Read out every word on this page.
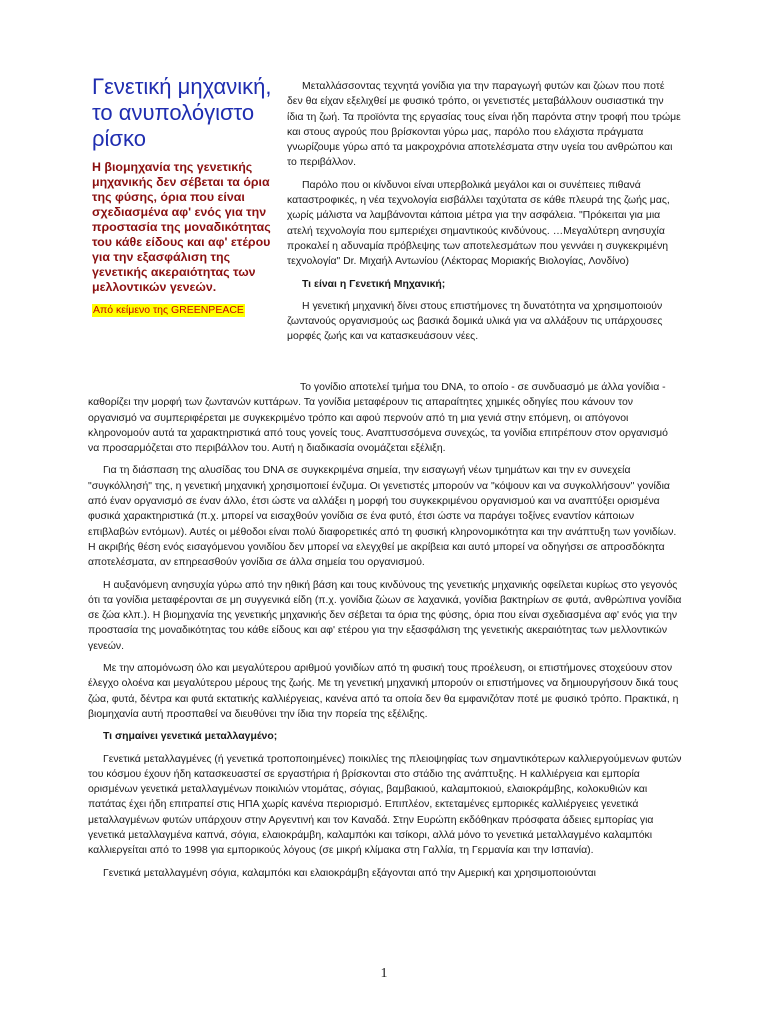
Γενετική μηχανική, το ανυπολόγιστο ρίσκο
Η βιομηχανία της γενετικής μηχανικής δεν σέβεται τα όρια της φύσης, όρια που είναι σχεδιασμένα αφ' ενός για την προστασία της μοναδικότητας του κάθε είδους και αφ' ετέρου για την εξασφάλιση της γενετικής ακεραιότητας των μελλοντικών γενεών.
Από κείμενο της GREENPEACE

Μεταλλάσσοντας τεχνητά γονίδια για την παραγωγή φυτών και ζώων που ποτέ δεν θα είχαν εξελιχθεί με φυσικό τρόπο, οι γενετιστές μεταβάλλουν ουσιαστικά την ίδια τη ζωή. Τα προϊόντα της εργασίας τους είναι ήδη παρόντα στην τροφή που τρώμε και στους αγρούς που βρίσκονται γύρω μας, παρόλο που ελάχιστα πράγματα γνωρίζουμε γύρω από τα μακροχρόνια αποτελέσματα στην υγεία του ανθρώπου και το περιβάλλον.

Παρόλο που οι κίνδυνοι είναι υπερβολικά μεγάλοι και οι συνέπειες πιθανά καταστροφικές, η νέα τεχνολογία εισβάλλει ταχύτατα σε κάθε πλευρά της ζωής μας, χωρίς μάλιστα να λαμβάνονται κάποια μέτρα για την ασφάλεια. "Πρόκειται για μια ατελή τεχνολογία που εμπεριέχει σημαντικούς κινδύνους. …Μεγαλύτερη ανησυχία προκαλεί η αδυναμία πρόβλεψης των αποτελεσμάτων που γεννάει η συγκεκριμένη τεχνολογία" Dr. Μιχαήλ Αντωνίου (Λέκτορας Μοριακής Βιολογίας, Λονδίνο)

Τι είναι η Γενετική Μηχανική;

Η γενετική μηχανική δίνει στους επιστήμονες τη δυνατότητα να χρησιμοποιούν ζωντανούς οργανισμούς ως βασικά δομικά υλικά για να αλλάξουν τις υπάρχουσες μορφές ζωής και να κατασκευάσουν νέες.

Το γονίδιο αποτελεί τμήμα του DNA, το οποίο - σε συνδυασμό με άλλα γονίδια - καθορίζει την μορφή των ζωντανών κυττάρων. Τα γονίδια μεταφέρουν τις απαραίτητες χημικές οδηγίες που κάνουν τον οργανισμό να συμπεριφέρεται με συγκεκριμένο τρόπο και αφού περνούν από τη μια γενιά στην επόμενη, οι απόγονοι κληρονομούν αυτά τα χαρακτηριστικά από τους γονείς τους. Αναπτυσσόμενα συνεχώς, τα γονίδια επιτρέπουν στον οργανισμό να προσαρμόζεται στο περιβάλλον του. Αυτή η διαδικασία ονομάζεται εξέλιξη.

Για τη διάσπαση της αλυσίδας του DNA σε συγκεκριμένα σημεία, την εισαγωγή νέων τμημάτων και την εν συνεχεία "συγκόλλησή" της, η γενετική μηχανική χρησιμοποιεί ένζυμα. Οι γενετιστές μπορούν να "κόψουν και να συγκολλήσουν" γονίδια από έναν οργανισμό σε έναν άλλο, έτσι ώστε να αλλάξει η μορφή του συγκεκριμένου οργανισμού και να αναπτύξει ορισμένα φυσικά χαρακτηριστικά (π.χ. μπορεί να εισαχθούν γονίδια σε ένα φυτό, έτσι ώστε να παράγει τοξίνες εναντίον κάποιων επιβλαβών εντόμων). Αυτές οι μέθοδοι είναι πολύ διαφορετικές από τη φυσική κληρονομικότητα και την ανάπτυξη των γονιδίων. Η ακριβής θέση ενός εισαγόμενου γονιδίου δεν μπορεί να ελεγχθεί με ακρίβεια και αυτό μπορεί να οδηγήσει σε απροσδόκητα αποτελέσματα, αν επηρεασθούν γονίδια σε άλλα σημεία του οργανισμού.

Η αυξανόμενη ανησυχία γύρω από την ηθική βάση και τους κινδύνους της γενετικής μηχανικής οφείλεται κυρίως στο γεγονός ότι τα γονίδια μεταφέρονται σε μη συγγενικά είδη (π.χ. γονίδια ζώων σε λαχανικά, γονίδια βακτηρίων σε φυτά, ανθρώπινα γονίδια σε ζώα κλπ.). Η βιομηχανία της γενετικής μηχανικής δεν σέβεται τα όρια της φύσης, όρια που είναι σχεδιασμένα αφ' ενός για την προστασία της μοναδικότητας του κάθε είδους και αφ' ετέρου για την εξασφάλιση της γενετικής ακεραιότητας των μελλοντικών γενεών.

Με την απομόνωση όλο και μεγαλύτερου αριθμού γονιδίων από τη φυσική τους προέλευση, οι επιστήμονες στοχεύουν στον έλεγχο ολοένα και μεγαλύτερου μέρους της ζωής. Με τη γενετική μηχανική μπορούν οι επιστήμονες να δημιουργήσουν δικά τους ζώα, φυτά, δέντρα και φυτά εκτατικής καλλιέργειας, κανένα από τα οποία δεν θα εμφανιζόταν ποτέ με φυσικό τρόπο. Πρακτικά, η βιομηχανία αυτή προσπαθεί να διευθύνει την ίδια την πορεία της εξέλιξης.

Τι σημαίνει γενετικά μεταλλαγμένο;

Γενετικά μεταλλαγμένες (ή γενετικά τροποποιημένες) ποικιλίες της πλειοψηφίας των σημαντικότερων καλλιεργούμενων φυτών του κόσμου έχουν ήδη κατασκευαστεί σε εργαστήρια ή βρίσκονται στο στάδιο της ανάπτυξης. Η καλλιέργεια και εμπορία ορισμένων γενετικά μεταλλαγμένων ποικιλιών ντομάτας, σόγιας, βαμβακιού, καλαμποκιού, ελαιοκράμβης, κολοκυθιών και πατάτας έχει ήδη επιτραπεί στις ΗΠΑ χωρίς κανένα περιορισμό. Επιπλέον, εκτεταμένες εμπορικές καλλιέργειες γενετικά μεταλλαγμένων φυτών υπάρχουν στην Αργεντινή και τον Καναδά. Στην Ευρώπη εκδόθηκαν πρόσφατα άδειες εμπορίας για γενετικά μεταλλαγμένα καπνά, σόγια, ελαιοκράμβη, καλαμπόκι και τσίκορι, αλλά μόνο το γενετικά μεταλλαγμένο καλαμπόκι καλλιεργείται από το 1998 για εμπορικούς λόγους (σε μικρή κλίμακα στη Γαλλία, τη Γερμανία και την Ισπανία).

Γενετικά μεταλλαγμένη σόγια, καλαμπόκι και ελαιοκράμβη εξάγονται από την Αμερική και χρησιμοποιούνται

1
